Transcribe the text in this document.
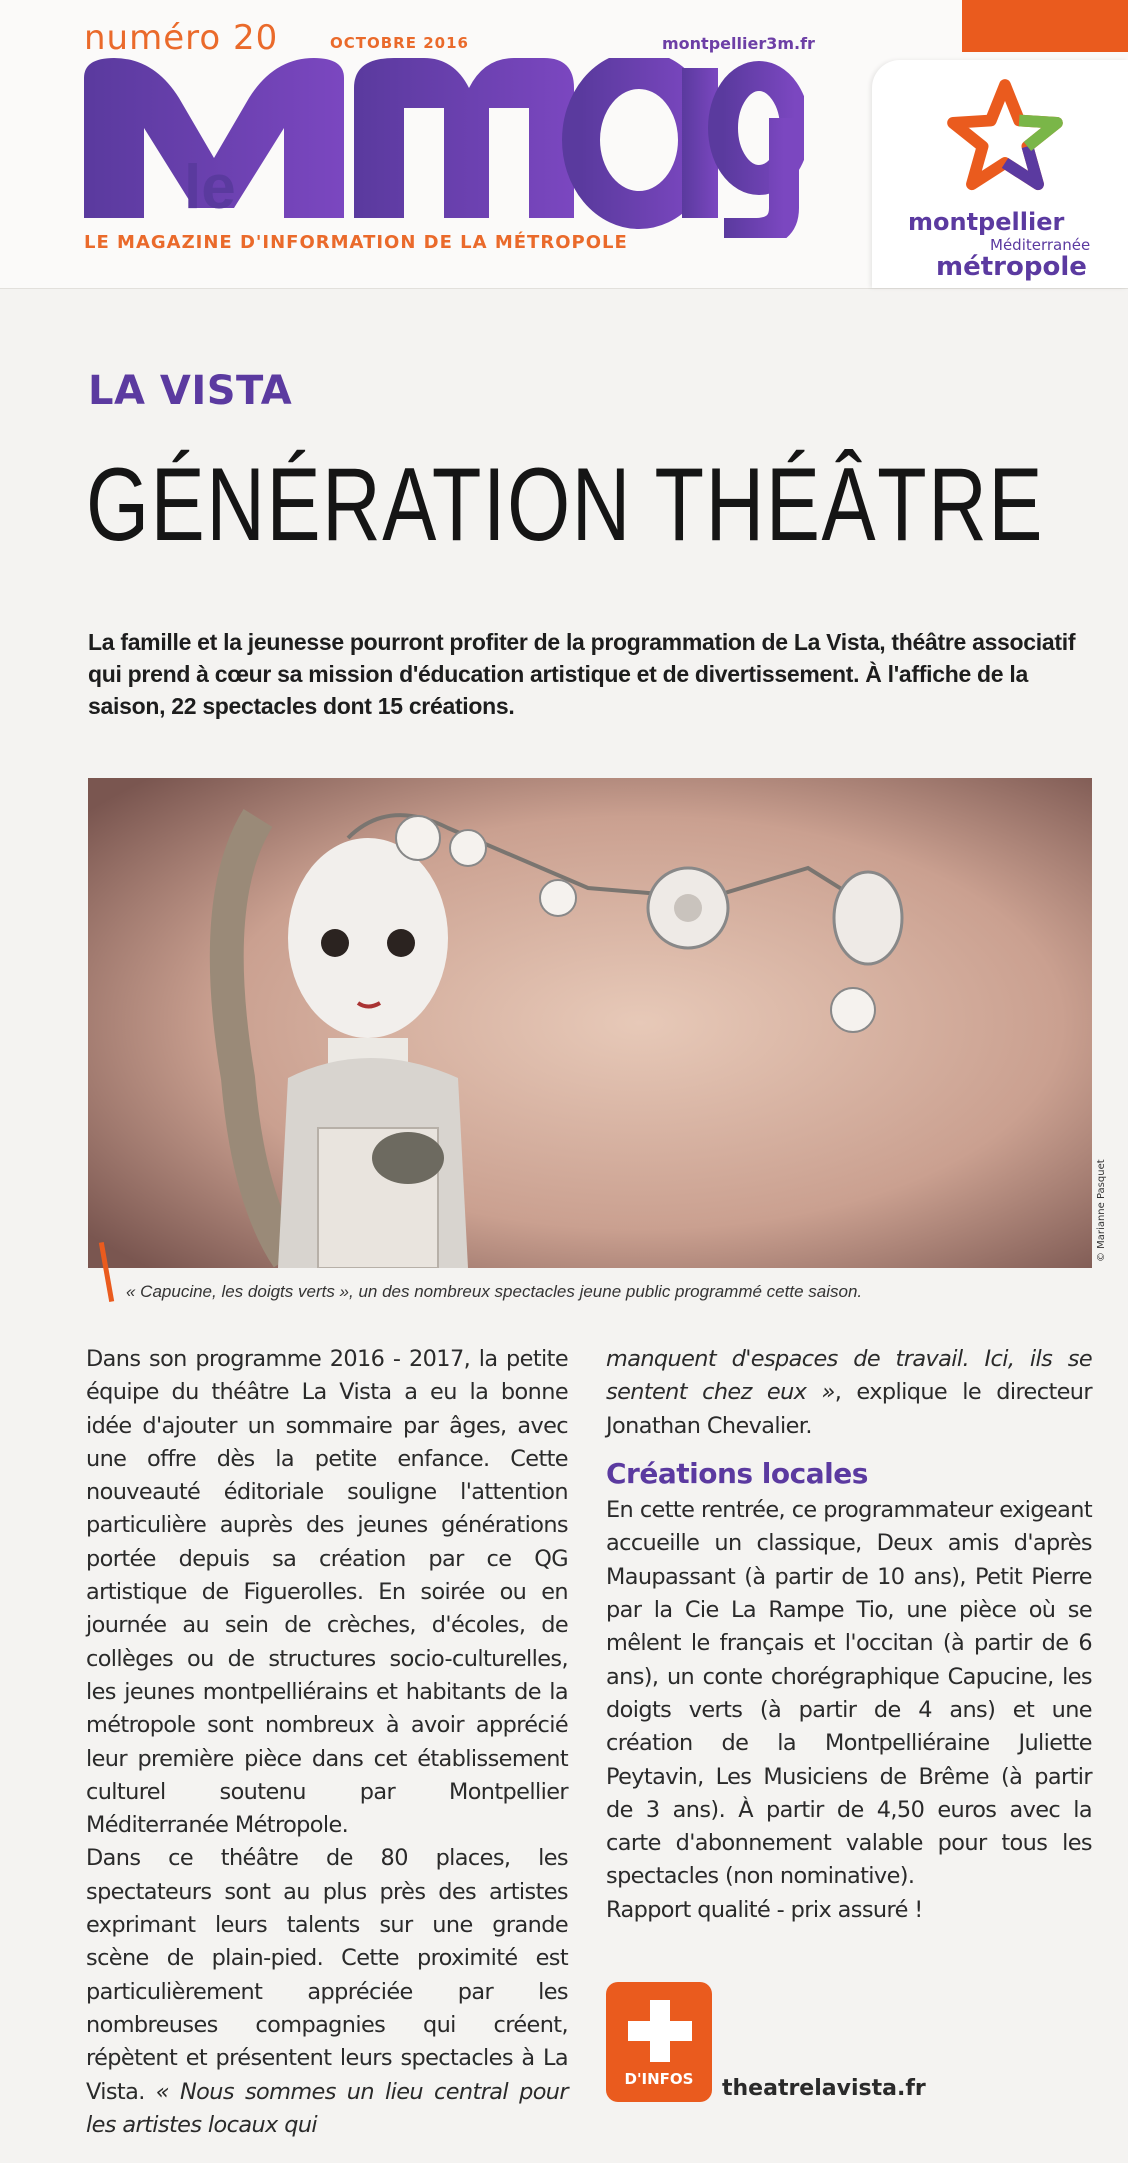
numéro 20	OCTOBRE 2016	montpellier3m.fr
le
LE MAGAZINE D'INFORMATION DE LA MÉTROPOLE
montpellier
Méditerranée
métropole
LA VISTA
GÉNÉRATION THÉÂTRE
La famille et la jeunesse pourront profiter de la programmation de La Vista, théâtre associatif qui prend à cœur sa mission d'éducation artistique et de divertissement. À l'affiche de la saison, 22 spectacles dont 15 créations.
© Marianne Pasquet
« Capucine, les doigts verts », un des nombreux spectacles jeune public programmé cette saison.

Dans son programme 2016 - 2017, la petite équipe du théâtre La Vista a eu la bonne idée d'ajouter un sommaire par âges, avec une offre dès la petite enfance. Cette nouveauté éditoriale souligne l'attention particulière auprès des jeunes générations portée depuis sa création par ce QG artistique de Figuerolles. En soirée ou en journée au sein de crèches, d'écoles, de collèges ou de structures socio-culturelles, les jeunes montpelliérains et habitants de la métropole sont nombreux à avoir apprécié leur première pièce dans cet établissement culturel soutenu par Montpellier Méditerranée Métropole.

Dans ce théâtre de 80 places, les spectateurs sont au plus près des artistes exprimant leurs talents sur une grande scène de plain-pied. Cette proximité est particulièrement appréciée par les nombreuses compagnies qui créent, répètent et présentent leurs spectacles à La Vista. « Nous sommes un lieu central pour les artistes locaux qui

manquent d'espaces de travail. Ici, ils se sentent chez eux », explique le directeur Jonathan Chevalier.

Créations locales

En cette rentrée, ce programmateur exigeant accueille un classique, Deux amis d'après Maupassant (à partir de 10 ans), Petit Pierre par la Cie La Rampe Tio, une pièce où se mêlent le français et l'occitan (à partir de 6 ans), un conte chorégraphique Capucine, les doigts verts (à partir de 4 ans) et une création de la Montpelliéraine Juliette Peytavin, Les Musiciens de Brême (à partir de 3 ans). À partir de 4,50 euros avec la carte d'abonnement valable pour tous les spectacles (non nominative).

Rapport qualité - prix assuré !

D'INFOS	theatrelavista.fr
